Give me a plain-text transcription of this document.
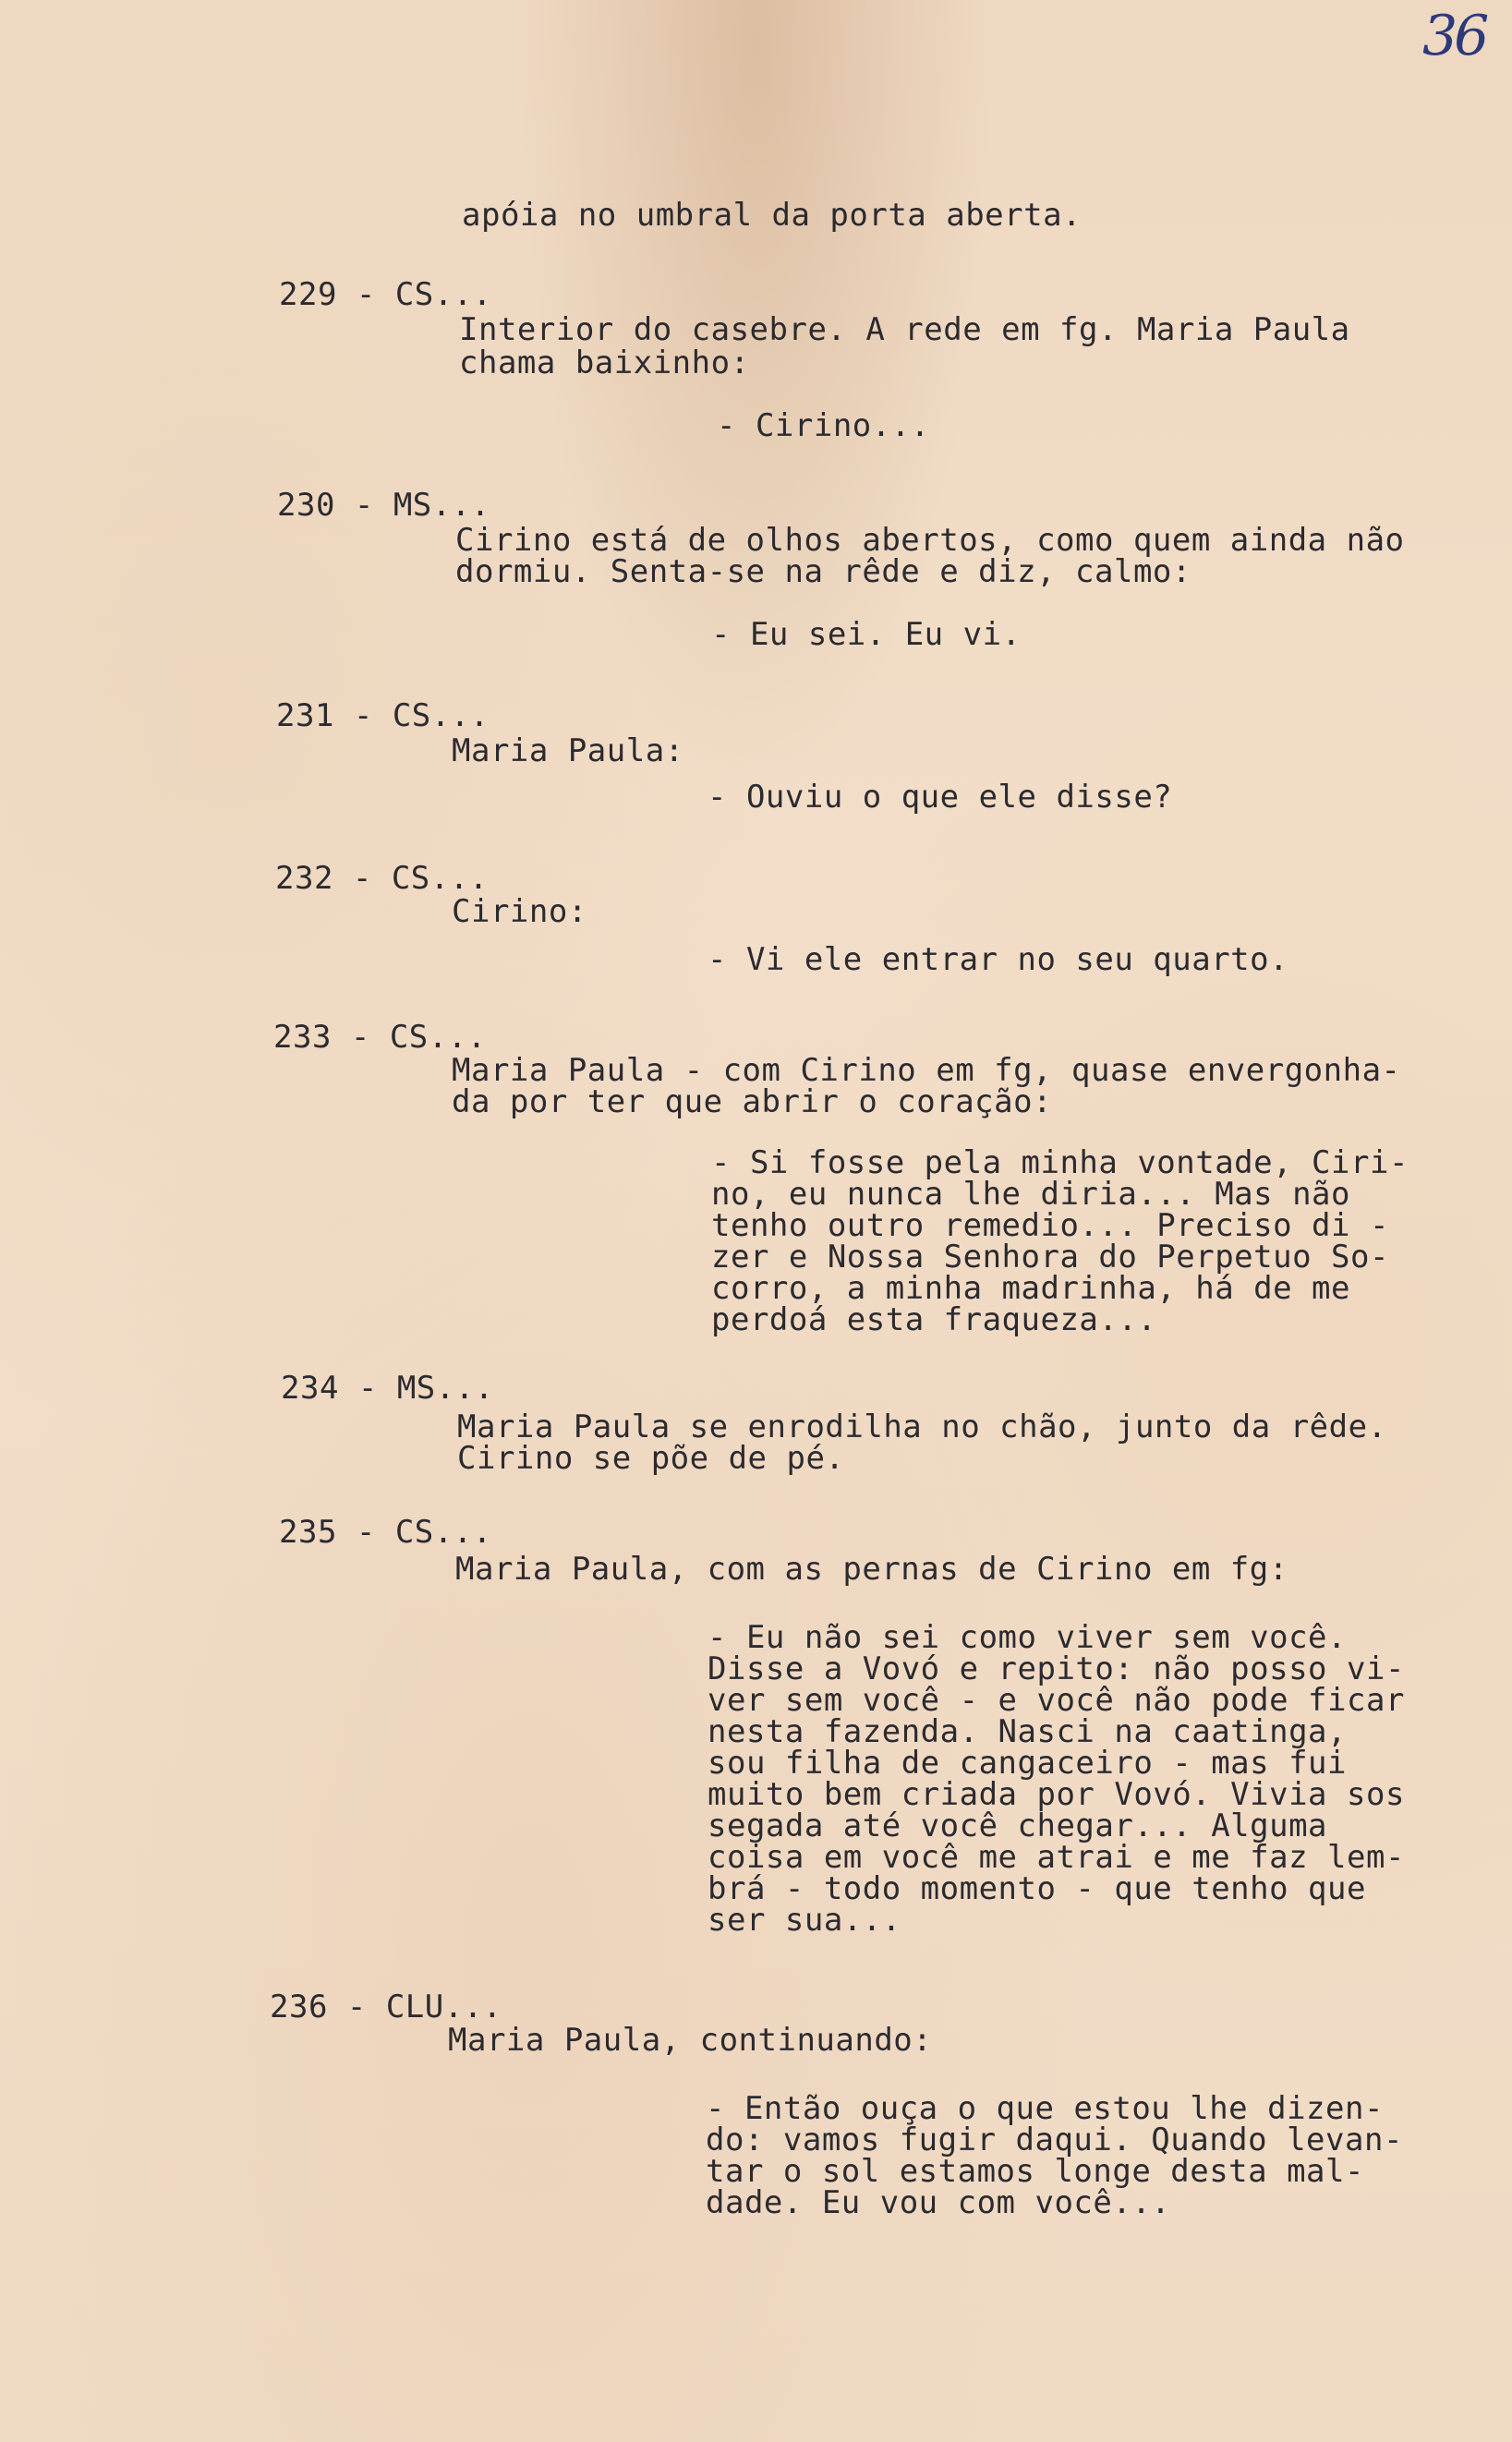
36
apóia no umbral da porta aberta.
229 - CS...
Interior do casebre. A rede em fg. Maria Paula
chama baixinho:
- Cirino...
230 - MS...
Cirino está de olhos abertos, como quem ainda não
dormiu. Senta-se na rêde e diz, calmo:
- Eu sei. Eu vi.
231 - CS...
Maria Paula:
- Ouviu o que ele disse?
232 - CS...
Cirino:
- Vi ele entrar no seu quarto.
233 - CS...
Maria Paula - com Cirino em fg, quase envergonha-
da por ter que abrir o coração:
- Si fosse pela minha vontade, Ciri-
no, eu nunca lhe diria... Mas não
tenho outro remedio... Preciso di -
zer e Nossa Senhora do Perpetuo So-
corro, a minha madrinha, há de me
perdoá esta fraqueza...
234 - MS...
Maria Paula se enrodilha no chão, junto da rêde.
Cirino se põe de pé.
235 - CS...
Maria Paula, com as pernas de Cirino em fg:
- Eu não sei como viver sem você.
Disse a Vovó e repito: não posso vi-
ver sem você - e você não pode ficar
nesta fazenda. Nasci na caatinga,
sou filha de cangaceiro - mas fui
muito bem criada por Vovó. Vivia sos
segada até você chegar... Alguma
coisa em você me atrai e me faz lem-
brá - todo momento - que tenho que
ser sua...
236 - CLU...
Maria Paula, continuando:
- Então ouça o que estou lhe dizen-
do: vamos fugir daqui. Quando levan-
tar o sol estamos longe desta mal-
dade. Eu vou com você...
